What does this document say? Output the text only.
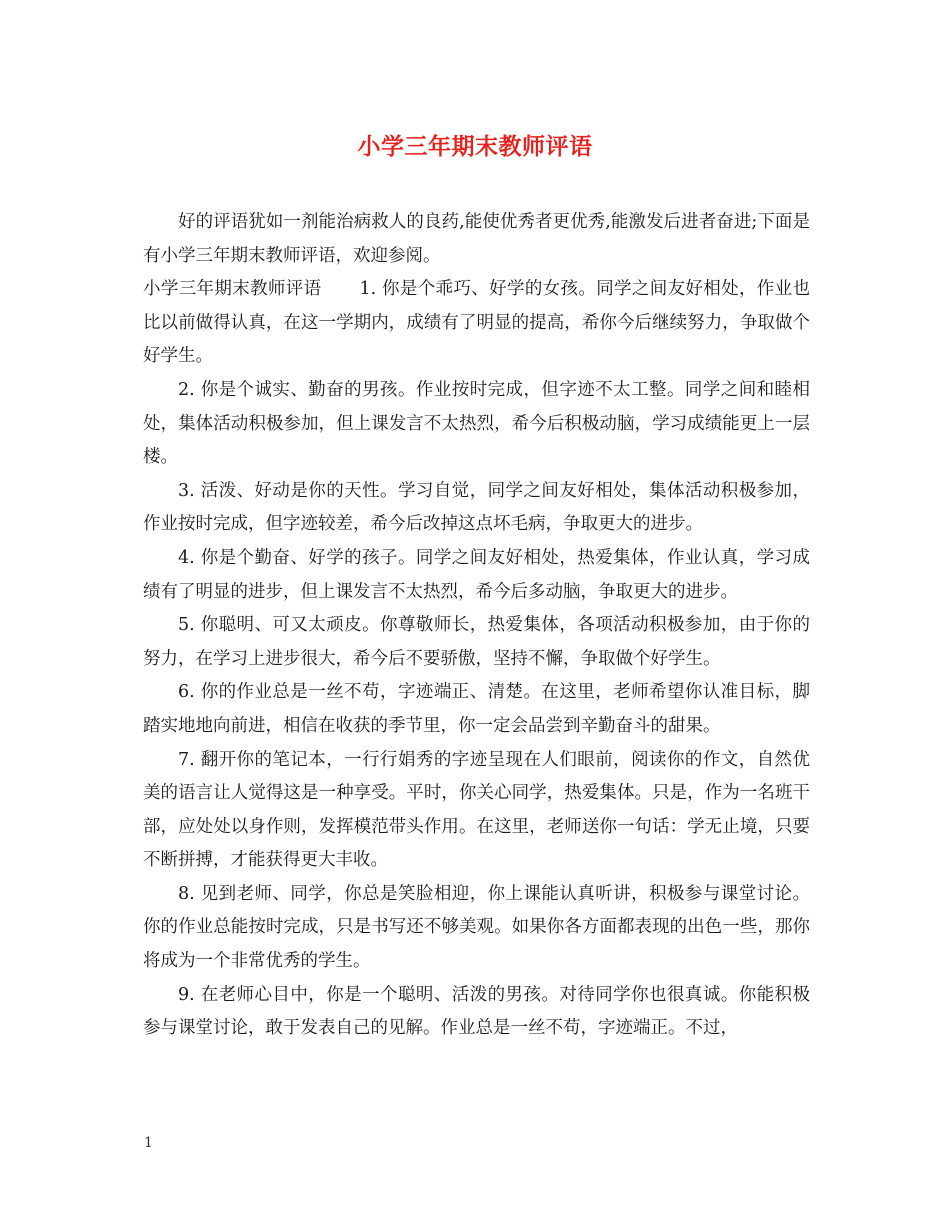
小学三年期末教师评语

好的评语犹如一剂能治病救人的良药,能使优秀者更优秀,能激发后进者奋进;下面是有小学三年期末教师评语，欢迎参阅。

小学三年期末教师评语 1. 你是个乖巧、好学的女孩。同学之间友好相处，作业也比以前做得认真，在这一学期内，成绩有了明显的提高，希你今后继续努力，争取做个好学生。

2. 你是个诚实、勤奋的男孩。作业按时完成，但字迹不太工整。同学之间和睦相处，集体活动积极参加，但上课发言不太热烈，希今后积极动脑，学习成绩能更上一层楼。

3. 活泼、好动是你的天性。学习自觉，同学之间友好相处，集体活动积极参加，作业按时完成，但字迹较差，希今后改掉这点坏毛病，争取更大的进步。

4. 你是个勤奋、好学的孩子。同学之间友好相处，热爱集体，作业认真，学习成绩有了明显的进步，但上课发言不太热烈，希今后多动脑，争取更大的进步。

5. 你聪明、可又太顽皮。你尊敬师长，热爱集体，各项活动积极参加，由于你的努力，在学习上进步很大，希今后不要骄傲，坚持不懈，争取做个好学生。

6. 你的作业总是一丝不苟，字迹端正、清楚。在这里，老师希望你认准目标，脚踏实地地向前进，相信在收获的季节里，你一定会品尝到辛勤奋斗的甜果。

7. 翻开你的笔记本，一行行娟秀的字迹呈现在人们眼前，阅读你的作文，自然优美的语言让人觉得这是一种享受。平时，你关心同学，热爱集体。只是，作为一名班干部，应处处以身作则，发挥模范带头作用。在这里，老师送你一句话：学无止境，只要不断拼搏，才能获得更大丰收。

8. 见到老师、同学，你总是笑脸相迎，你上课能认真听讲，积极参与课堂讨论。你的作业总能按时完成，只是书写还不够美观。如果你各方面都表现的出色一些，那你将成为一个非常优秀的学生。

9. 在老师心目中，你是一个聪明、活泼的男孩。对待同学你也很真诚。你能积极参与课堂讨论，敢于发表自己的见解。作业总是一丝不苟，字迹端正。不过，

1
